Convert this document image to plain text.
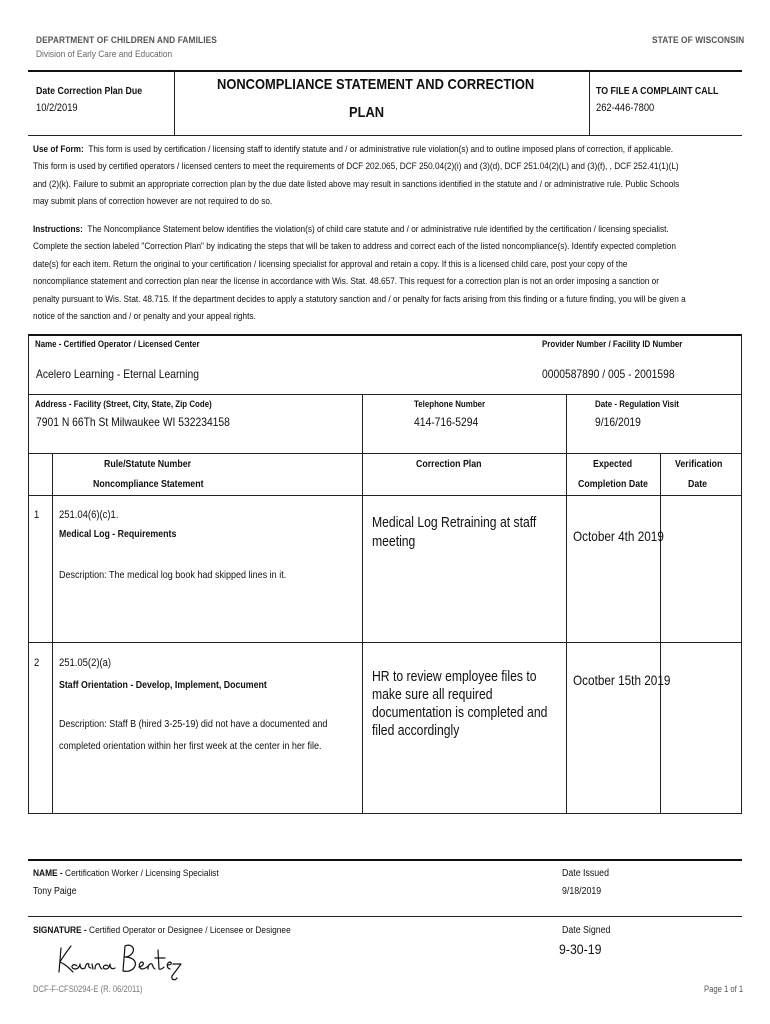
DEPARTMENT OF CHILDREN AND FAMILIES
Division of Early Care and Education
STATE OF WISCONSIN
Date Correction Plan Due
10/2/2019
NONCOMPLIANCE STATEMENT AND CORRECTION
PLAN
TO FILE A COMPLAINT CALL
262-446-7800
Use of Form: This form is used by certification / licensing staff to identify statute and / or administrative rule violation(s) and to outline imposed plans of correction, if applicable.
This form is used by certified operators / licensed centers to meet the requirements of DCF 202.065, DCF 250.04(2)(i) and (3)(d), DCF 251.04(2)(L) and (3)(f), , DCF 252.41(1)(L)
and (2)(k). Failure to submit an appropriate correction plan by the due date listed above may result in sanctions identified in the statute and / or administrative rule. Public Schools
may submit plans of correction however are not required to do so.
Instructions: The Noncompliance Statement below identifies the violation(s) of child care statute and / or administrative rule identified by the certification / licensing specialist.
Complete the section labeled "Correction Plan" by indicating the steps that will be taken to address and correct each of the listed noncompliance(s). Identify expected completion
date(s) for each item. Return the original to your certification / licensing specialist for approval and retain a copy. If this is a licensed child care, post your copy of the
noncompliance statement and correction plan near the license in accordance with Wis. Stat. 48.657. This request for a correction plan is not an order imposing a sanction or
penalty pursuant to Wis. Stat. 48.715. If the department decides to apply a statutory sanction and / or penalty for facts arising from this finding or a future finding, you will be given a
notice of the sanction and / or penalty and your appeal rights.
Name - Certified Operator / Licensed Center	Provider Number / Facility ID Number
Acelero Learning - Eternal Learning	0000587890 / 005 - 2001598
Address - Facility (Street, City, State, Zip Code)	Telephone Number	Date - Regulation Visit
7901 N 66Th St Milwaukee WI 532234158	414-716-5294	9/16/2019
Rule/Statute Number
Noncompliance Statement
Correction Plan	Expected
Completion Date
Verification
Date
1 251.04(6)(c)1.
Medical Log - Requirements
Description: The medical log book had skipped lines in it.
Medical Log Retraining at staff
meeting	October 4th 2019
2 251.05(2)(a)
Staff Orientation - Develop, Implement, Document
Description: Staff B (hired 3-25-19) did not have a documented and
completed orientation within her first week at the center in her file.
HR to review employee files to
make sure all required
documentation is completed and
filed accordingly
Ocotber 15th 2019
NAME - Certification Worker / Licensing Specialist
Tony Paige
Date Issued
9/18/2019
SIGNATURE - Certified Operator or Designee / Licensee or Designee	Date Signed
9-30-19
DCF-F-CFS0294-E (R. 06/2011)	Page 1 of 1
